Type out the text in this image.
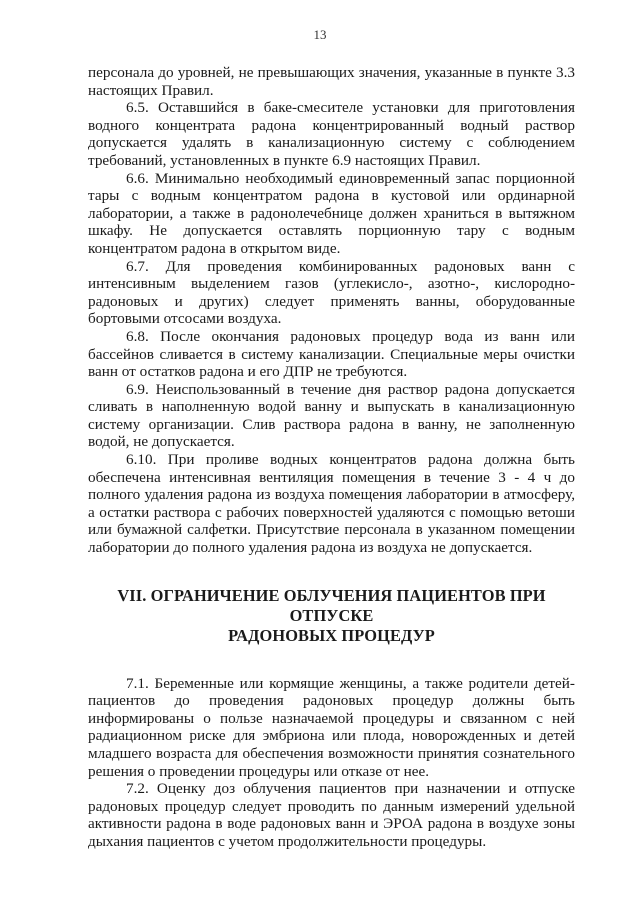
13

персонала до уровней, не превышающих значения, указанные в пункте 3.3 настоящих Правил.

6.5. Оставшийся в баке-смесителе установки для приготовления водного концентрата радона концентрированный водный раствор допускается удалять в канализационную систему с соблюдением требований, установленных в пункте 6.9 настоящих Правил.

6.6. Минимально необходимый единовременный запас порционной тары с водным концентратом радона в кустовой или ординарной лаборатории, а также в радонолечебнице должен храниться в вытяжном шкафу. Не допускается оставлять порционную тару с водным концентратом радона в открытом виде.

6.7. Для проведения комбинированных радоновых ванн с интенсивным выделением газов (углекисло-, азотно-, кислородно-радоновых и других) следует применять ванны, оборудованные бортовыми отсосами воздуха.

6.8. После окончания радоновых процедур вода из ванн или бассейнов сливается в систему канализации. Специальные меры очистки ванн от остатков радона и его ДПР не требуются.

6.9. Неиспользованный в течение дня раствор радона допускается сливать в наполненную водой ванну и выпускать в канализационную систему организации. Слив раствора радона в ванну, не заполненную водой, не допускается.

6.10. При проливе водных концентратов радона должна быть обеспечена интенсивная вентиляция помещения в течение 3 - 4 ч до полного удаления радона из воздуха помещения лаборатории в атмосферу, а остатки раствора с рабочих поверхностей удаляются с помощью ветоши или бумажной салфетки. Присутствие персонала в указанном помещении лаборатории до полного удаления радона из воздуха не допускается.

VII. ОГРАНИЧЕНИЕ ОБЛУЧЕНИЯ ПАЦИЕНТОВ ПРИ ОТПУСКЕ
РАДОНОВЫХ ПРОЦЕДУР

7.1. Беременные или кормящие женщины, а также родители детей-пациентов до проведения радоновых процедур должны быть информированы о пользе назначаемой процедуры и связанном с ней радиационном риске для эмбриона или плода, новорожденных и детей младшего возраста для обеспечения возможности принятия сознательного решения о проведении процедуры или отказе от нее.

7.2. Оценку доз облучения пациентов при назначении и отпуске радоновых процедур следует проводить по данным измерений удельной активности радона в воде радоновых ванн и ЭРОА радона в воздухе зоны дыхания пациентов с учетом продолжительности процедуры.
